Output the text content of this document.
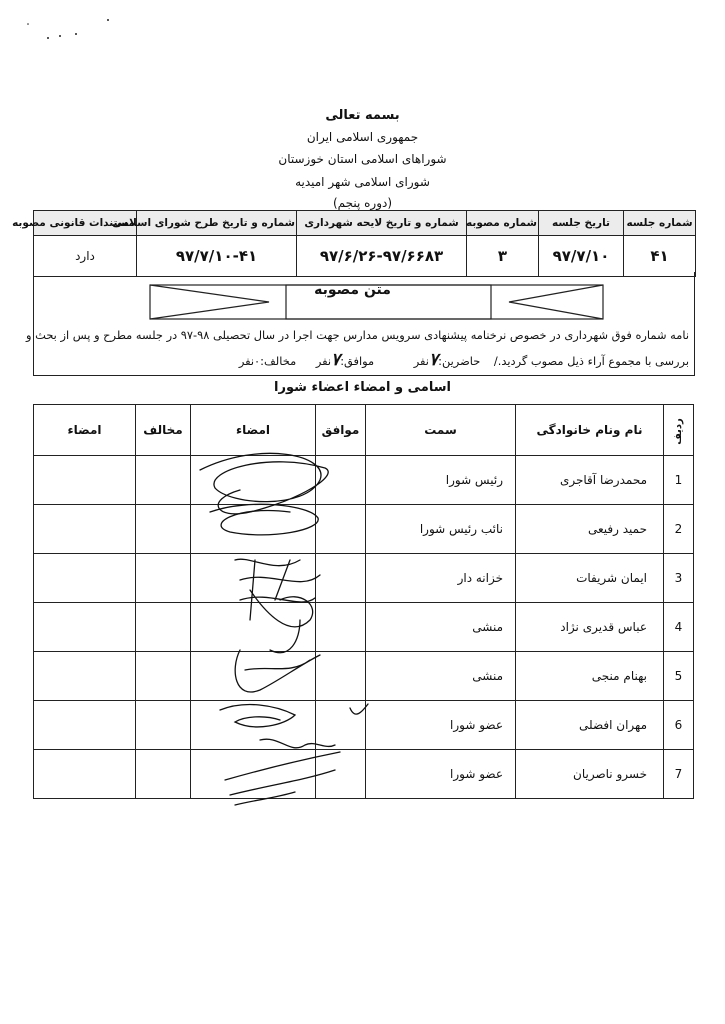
بسمه تعالی
جمهوری اسلامی ایران
شوراهای اسلامی استان خوزستان
شورای اسلامی شهر امیدیه
(دوره پنجم)
شماره جلسه	تاریخ جلسه	شماره مصوبه	شماره و تاریخ لایحه شهرداری	شماره و تاریخ طرح شورای اسلامی	مستندات قانونی مصوبه
۴۱	۹۷/۷/۱۰	۳	۹۷/۶/۲۶-۹۷/۶۶۸۳	۹۷/۷/۱۰-۴۱	دارد
متن مصوبه
نامه شماره فوق شهرداری در خصوص نرخنامه پیشنهادی سرویس مدارس جهت اجرا در سال تحصیلی ۹۸-۹۷ در جلسه مطرح و پس از بحث و
بررسی با مجموع آراء ذیل مصوب گردید./ حاضرین:۷نفر موافق:۷نفر مخالف:۰نفر
اسامی و امضاء اعضاء شورا
ردیف	نام ونام خانوادگی	سمت	موافق	امضاء	مخالف	امضاء
1	محمدرضا آقاجری	رئیس شورا				
2	حمید رفیعی	نائب رئیس شورا				
3	ایمان شریفات	خزانه دار				
4	عباس قدیری نژاد	منشی				
5	بهنام منجی	منشی				
6	مهران افضلی	عضو شورا				
7	خسرو ناصریان	عضو شورا				
